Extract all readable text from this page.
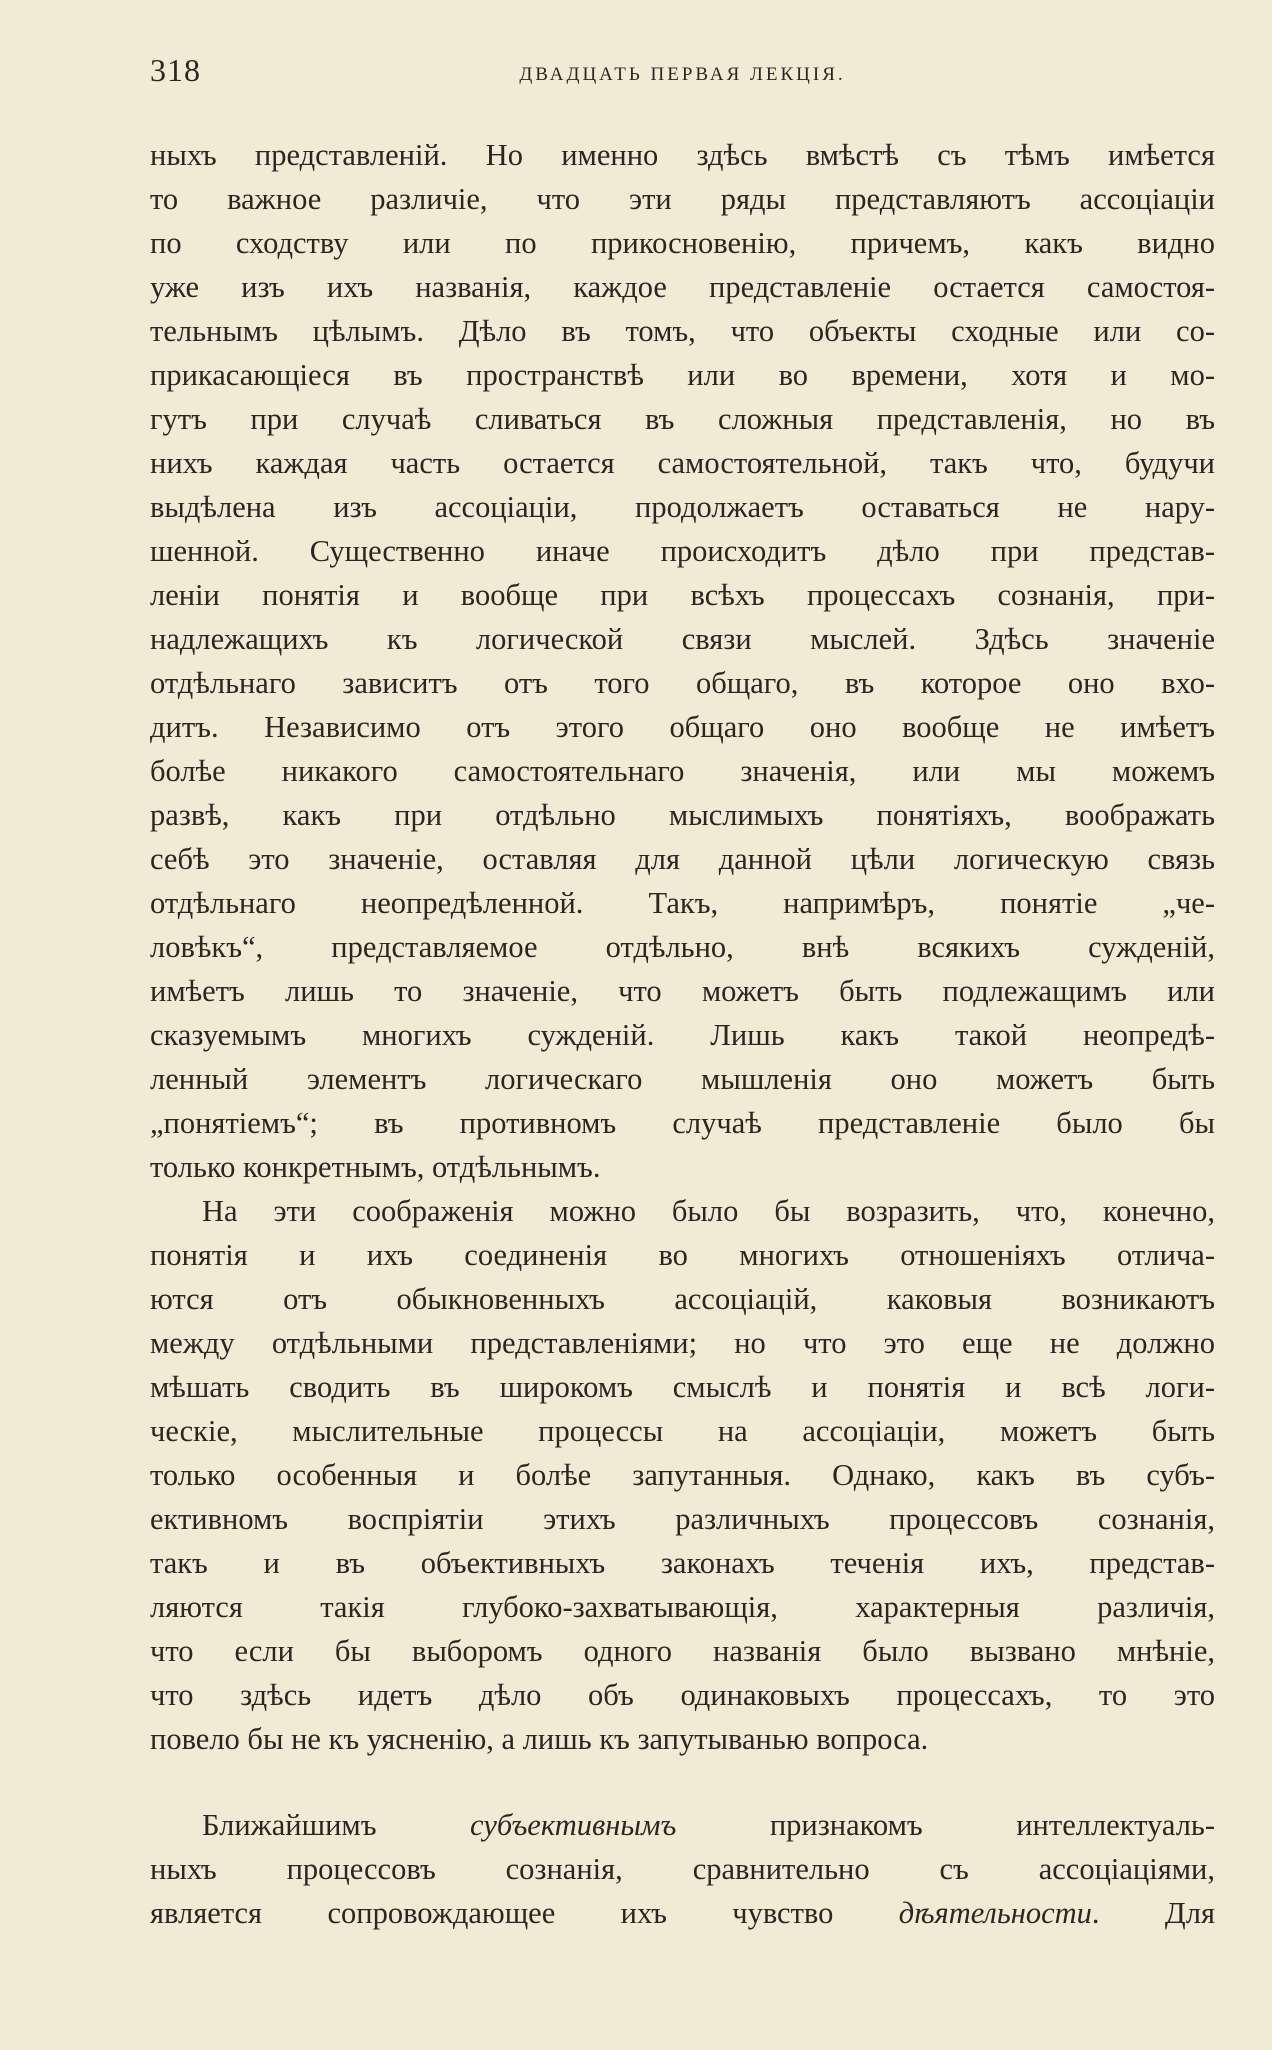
318	ДВАДЦАТЬ ПЕРВАЯ ЛЕКЦIЯ.
ныхъ представленiй. Но именно здѣсь вмѣстѣ съ тѣмъ имѣется
то важное различiе, что эти ряды представляютъ ассоцiацiи
по сходству или по прикосновенiю, причемъ, какъ видно
уже изъ ихъ названiя, каждое представленiе остается самостоя-
тельнымъ цѣлымъ. Дѣло въ томъ, что объекты сходные или со-
прикасающiеся въ пространствѣ или во времени, хотя и мо-
гутъ при случаѣ сливаться въ сложныя представленiя, но въ
нихъ каждая часть остается самостоятельной, такъ что, будучи
выдѣлена изъ ассоцiацiи, продолжаетъ оставаться не нару-
шенной. Существенно иначе происходитъ дѣло при представ-
ленiи понятiя и вообще при всѣхъ процессахъ сознанiя, при-
надлежащихъ къ логической связи мыслей. Здѣсь значенiе
отдѣльнаго зависитъ отъ того общаго, въ которое оно вхо-
дитъ. Независимо отъ этого общаго оно вообще не имѣетъ
болѣе никакого самостоятельнаго значенiя, или мы можемъ
развѣ, какъ при отдѣльно мыслимыхъ понятiяхъ, воображать
себѣ это значенiе, оставляя для данной цѣли логическую связь
отдѣльнаго неопредѣленной. Такъ, напримѣръ, понятiе „че-
ловѣкъ“, представляемое отдѣльно, внѣ всякихъ сужденiй,
имѣетъ лишь то значенiе, что можетъ быть подлежащимъ или
сказуемымъ многихъ сужденiй. Лишь какъ такой неопредѣ-
ленный элементъ логическаго мышленiя оно можетъ быть
„понятiемъ“; въ противномъ случаѣ представленiе было бы
только конкретнымъ, отдѣльнымъ.
На эти соображенiя можно было бы возразить, что, конечно,
понятiя и ихъ соединенiя во многихъ отношенiяхъ отлича-
ются отъ обыкновенныхъ ассоцiацiй, каковыя возникаютъ
между отдѣльными представленiями; но что это еще не должно
мѣшать сводить въ широкомъ смыслѣ и понятiя и всѣ логи-
ческiе, мыслительные процессы на ассоцiацiи, можетъ быть
только особенныя и болѣе запутанныя. Однако, какъ въ субъ-
ективномъ воспрiятiи этихъ различныхъ процессовъ сознанiя,
такъ и въ объективныхъ законахъ теченiя ихъ, представ-
ляются такiя глубоко-захватывающiя, характерныя различiя,
что если бы выборомъ одного названiя было вызвано мнѣнiе,
что здѣсь идетъ дѣло объ одинаковыхъ процессахъ, то это
повело бы не къ уясненiю, а лишь къ запутыванью вопроса.
Ближайшимъ субъективнымъ признакомъ интеллектуаль-
ныхъ процессовъ сознанiя, сравнительно съ ассоцiацiями,
является сопровождающее ихъ чувство дѣятельности. Для
